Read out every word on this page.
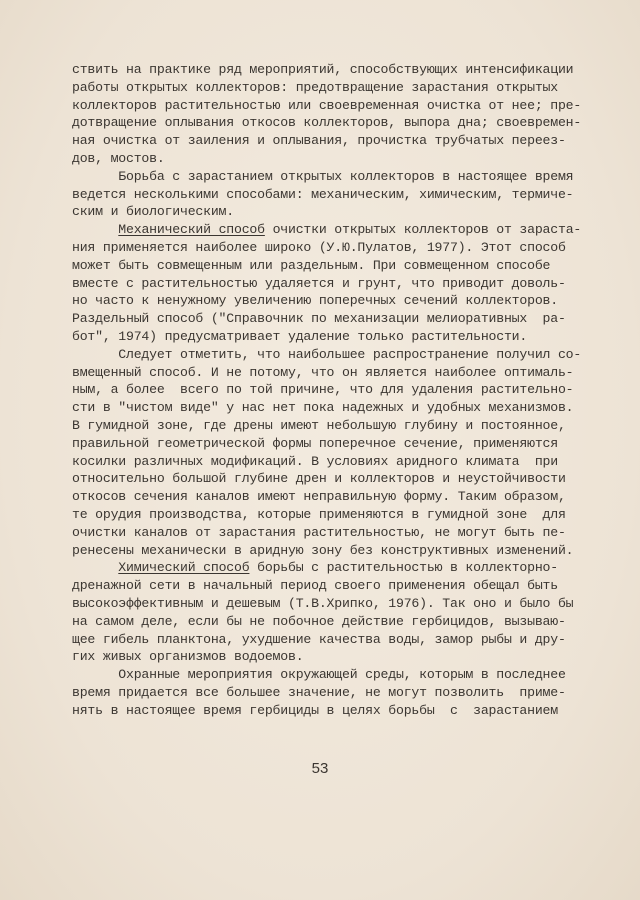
ствить на практике ряд мероприятий, способствующих интенсификации
работы открытых коллекторов: предотвращение зарастания открытых
коллекторов растительностью или своевременная очистка от нее; пре-
дотвращение оплывания откосов коллекторов, выпора дна; своевремен-
ная очистка от заиления и оплывания, прочистка трубчатых переез-
дов, мостов.
Борьба с зарастанием открытых коллекторов в настоящее время
ведется несколькими способами: механическим, химическим, термиче-
ским и биологическим.
Механический способ очистки открытых коллекторов от зараста-
ния применяется наиболее широко (У.Ю.Пулатов, 1977). Этот способ
может быть совмещенным или раздельным. При совмещенном способе
вместе с растительностью удаляется и грунт, что приводит доволь-
но часто к ненужному увеличению поперечных сечений коллекторов.
Раздельный способ ("Справочник по механизации мелиоративных  ра-
бот", 1974) предусматривает удаление только растительности.
Следует отметить, что наибольшее распространение получил со-
вмещенный способ. И не потому, что он является наиболее оптималь-
ным, а более  всего по той причине, что для удаления растительно-
сти в "чистом виде" у нас нет пока надежных и удобных механизмов.
В гумидной зоне, где дрены имеют небольшую глубину и постоянное,
правильной геометрической формы поперечное сечение, применяются
косилки различных модификаций. В условиях аридного климата  при
относительно большой глубине дрен и коллекторов и неустойчивости
откосов сечения каналов имеют неправильную форму. Таким образом,
те орудия производства, которые применяются в гумидной зоне  для
очистки каналов от зарастания растительностью, не могут быть пе-
ренесены механически в аридную зону без конструктивных изменений.
Химический способ борьбы с растительностью в коллекторно-
дренажной сети в начальный период своего применения обещал быть
высокоэффективным и дешевым (Т.В.Хрипко, 1976). Так оно и было бы
на самом деле, если бы не побочное действие гербицидов, вызываю-
щее гибель планктона, ухудшение качества воды, замор рыбы и дру-
гих живых организмов водоемов.
Охранные мероприятия окружающей среды, которым в последнее
время придается все большее значение, не могут позволить  приме-
нять в настоящее время гербициды в целях борьбы  с  зарастанием
53
